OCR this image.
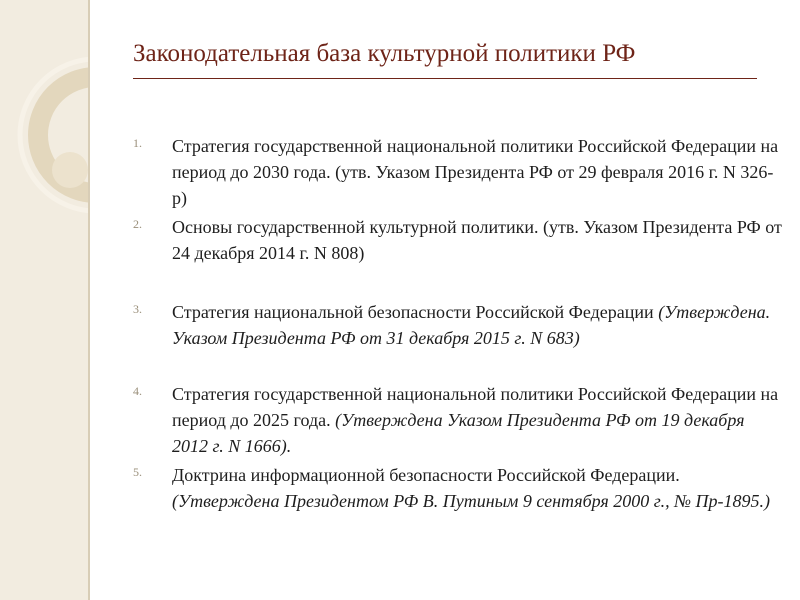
Законодательная база культурной политики РФ
1.	Стратегия государственной национальной политики Российской Федерации на период до 2030 года. (утв. Указом Президента РФ от 29 февраля 2016 г. N 326-р)
2.	Основы государственной культурной политики. (утв. Указом Президента РФ от 24 декабря 2014 г. N 808)
3.	Стратегия национальной безопасности Российской Федерации (Утверждена. Указом Президента РФ от 31 декабря 2015 г. N 683)
4.	Стратегия государственной национальной политики Российской Федерации на период до 2025 года. (Утверждена Указом Президента РФ от 19 декабря 2012 г. N 1666).
5.	Доктрина информационной безопасности Российской Федерации. (Утверждена Президентом РФ В. Путиным 9 сентября 2000 г., № Пр-1895.)
